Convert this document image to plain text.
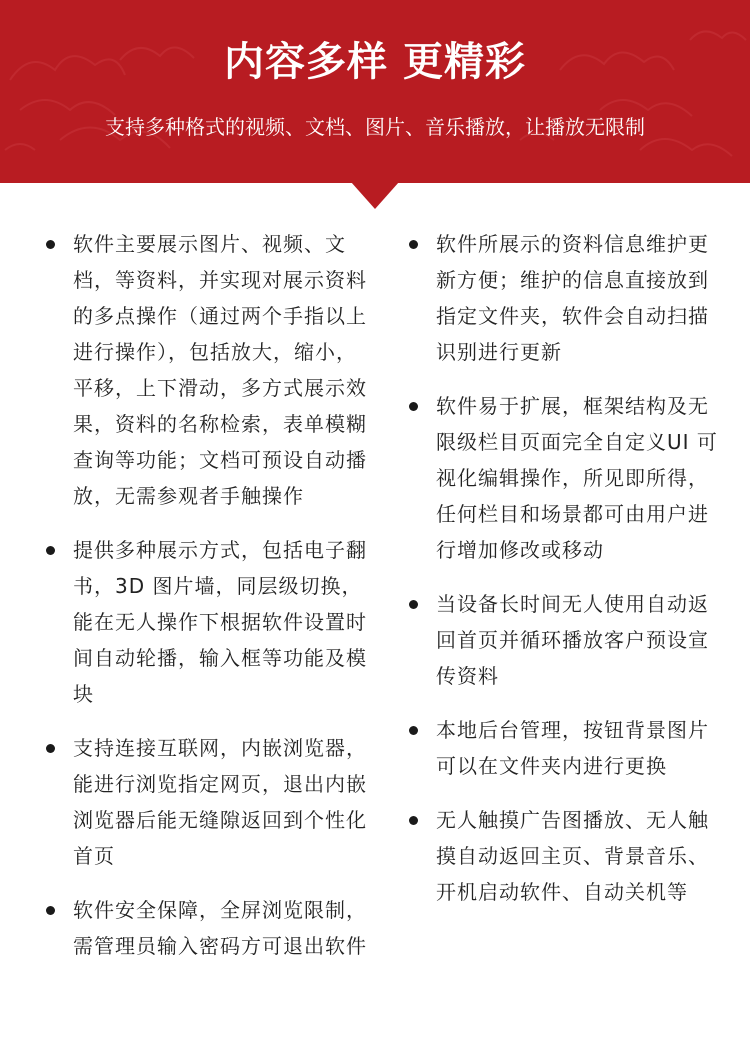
内容多样 更精彩
支持多种格式的视频、文档、图片、音乐播放，让播放无限制
软件主要展示图片、视频、文档，等资料，并实现对展示资料的多点操作（通过两个手指以上进行操作），包括放大，缩小，平移，上下滑动，多方式展示效果，资料的名称检索，表单模糊查询等功能；文档可预设自动播放，无需参观者手触操作
提供多种展示方式，包括电子翻书，3D 图片墙，同层级切换，能在无人操作下根据软件设置时间自动轮播，输入框等功能及模块
支持连接互联网，内嵌浏览器，能进行浏览指定网页，退出内嵌浏览器后能无缝隙返回到个性化首页
软件安全保障，全屏浏览限制，需管理员输入密码方可退出软件
软件所展示的资料信息维护更新方便；维护的信息直接放到指定文件夹，软件会自动扫描识别进行更新
软件易于扩展，框架结构及无限级栏目页面完全自定义UI 可视化编辑操作，所见即所得，任何栏目和场景都可由用户进行增加修改或移动
当设备长时间无人使用自动返回首页并循环播放客户预设宣传资料
本地后台管理，按钮背景图片可以在文件夹内进行更换
无人触摸广告图播放、无人触摸自动返回主页、背景音乐、开机启动软件、自动关机等
